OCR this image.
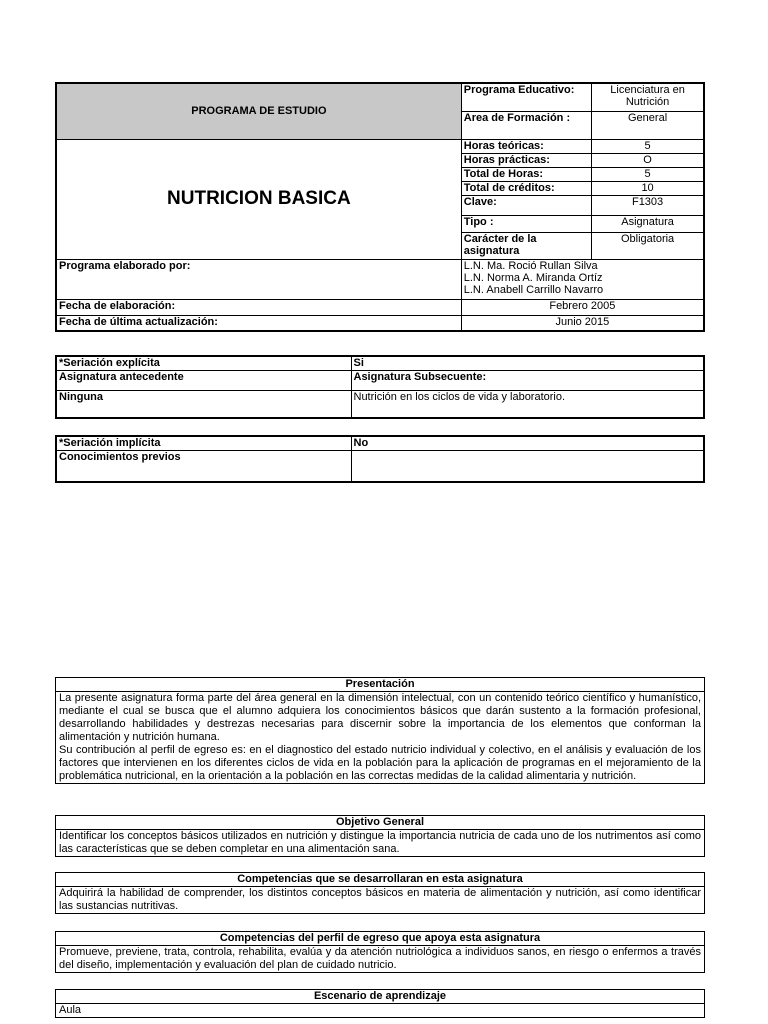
PROGRAMA DE ESTUDIO	Programa Educativo:	Licenciatura en Nutrición
	Area de Formación :	General
NUTRICION BASICA	Horas teóricas:	5
	Horas prácticas:	O
	Total de Horas:	5
	Total de créditos:	10
	Clave:	F1303
	Tipo :	Asignatura
	Carácter de la asignatura	Obligatoria
Programa elaborado por:	L.N. Ma. Roció Rullan Silva
L.N. Norma A. Miranda Ortíz
L.N. Anabell Carrillo Navarro	

Fecha de elaboración:	Febrero 2005	
Fecha de última actualización:	Junio 2015	
*Seriación explícita	Si
Asignatura antecedente	Asignatura Subsecuente:
Ninguna	Nutrición en los ciclos de vida y laboratorio.
*Seriación implícita	No
Conocimientos previos	
Presentación
La presente asignatura forma parte del área general en la dimensión intelectual, con un contenido teórico científico y humanístico, mediante el cual se busca que el alumno adquiera los conocimientos básicos que darán sustento a la formación profesional, desarrollando habilidades y destrezas necesarias para discernir sobre la importancia de los elementos que conforman la alimentación y nutrición humana.
Su contribución al perfil de egreso es: en el diagnostico del estado nutricio individual y colectivo, en el análisis y evaluación de los factores que intervienen en los diferentes ciclos de vida en la población para la aplicación de programas en el mejoramiento de la problemática nutricional, en la orientación a la población en las correctas medidas de la calidad alimentaria y nutrición.
Objetivo General
Identificar los conceptos básicos utilizados en nutrición y distingue la importancia nutricia de cada uno de los nutrimentos así como las características que se deben completar en una alimentación sana.
Competencias que se desarrollaran en esta asignatura
Adquirirá la habilidad de comprender, los distintos conceptos básicos en materia de alimentación y nutrición, así como identificar las sustancias nutritivas.
Competencias del perfil de egreso que apoya esta asignatura
Promueve, previene, trata, controla, rehabilita, evalúa y da atención nutriológica a individuos sanos, en riesgo o enfermos a través del diseño, implementación y evaluación del plan de cuidado nutricio.
Escenario de aprendizaje
Aula
